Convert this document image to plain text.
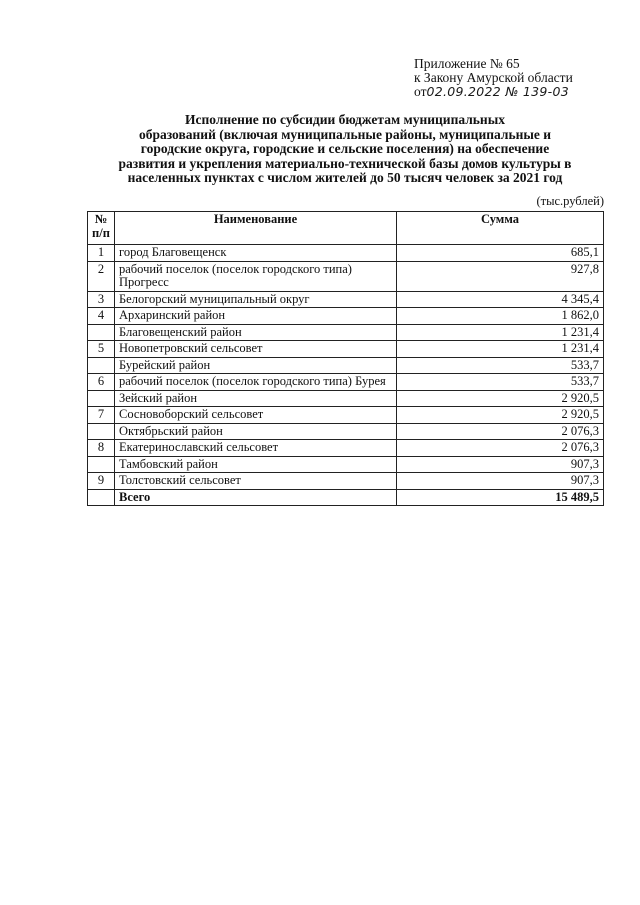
Приложение № 65
к Закону Амурской области
от02.09.2022 № 139-03
Исполнение по субсидии бюджетам муниципальных
образований (включая муниципальные районы, муниципальные и
городские округа, городские и сельские поселения) на обеспечение
развития и укрепления материально-технической базы домов культуры в
населенных пунктах с числом жителей до 50 тысяч человек за 2021 год
(тыс.рублей)
№
п/п	Наименование	Сумма
1	город Благовещенск	685,1
2	рабочий поселок (поселок городского типа) Прогресс	927,8
3	Белогорский муниципальный округ	4 345,4
4	Архаринский район	1 862,0
	Благовещенский район	1 231,4
5	Новопетровский сельсовет	1 231,4
	Бурейский район	533,7
6	рабочий поселок (поселок городского типа) Бурея	533,7
	Зейский район	2 920,5
7	Сосновоборский сельсовет	2 920,5
	Октябрьский район	2 076,3
8	Екатеринославский сельсовет	2 076,3
	Тамбовский район	907,3
9	Толстовский сельсовет	907,3
	Всего	15 489,5
